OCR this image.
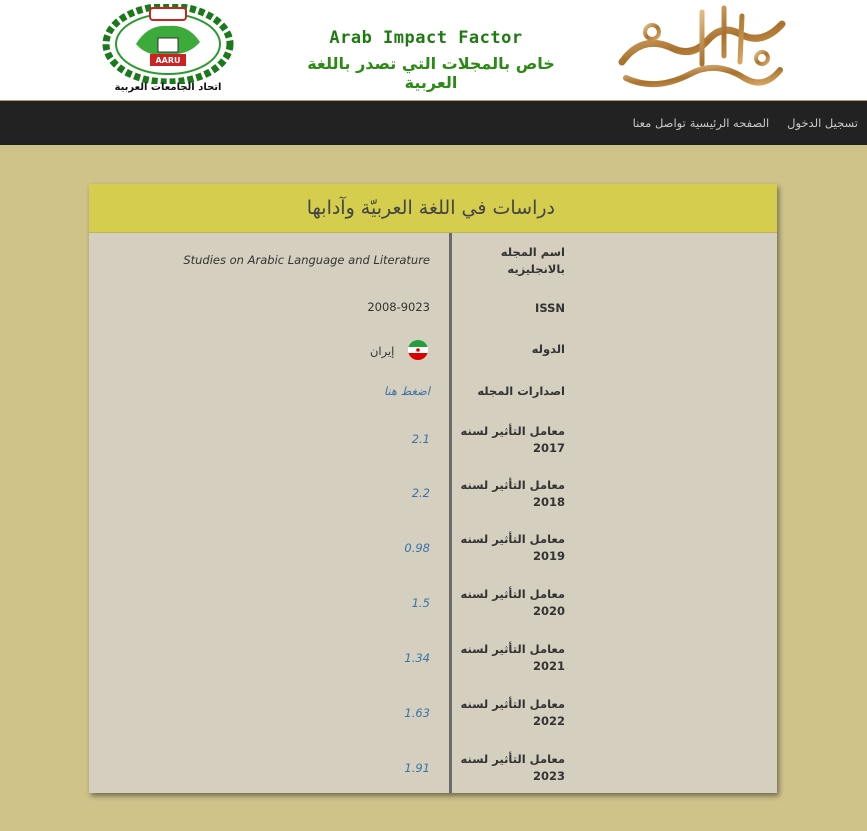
AARU
اتحاد الجامعات العربية
Arab Impact Factor
خاص بالمجلات التي تصدر باللغة العربية
تواصل معنا الصفحه الرئيسية	تسجيل الدخول
دراسات في اللغة العربيّة وآدابها
اسم المجله بالانجليزيه
Studies on Arabic Language and Literature
ISSN
2008-9023
الدوله
إيران
اصدارات المجله
اضغط هنا
معامل التأثير لسنه 2017
2.1
معامل التأثير لسنه 2018
2.2
معامل التأثير لسنه 2019
0.98
معامل التأثير لسنه 2020
1.5
معامل التأثير لسنه 2021
1.34
معامل التأثير لسنه 2022
1.63
معامل التأثير لسنه 2023
1.91
